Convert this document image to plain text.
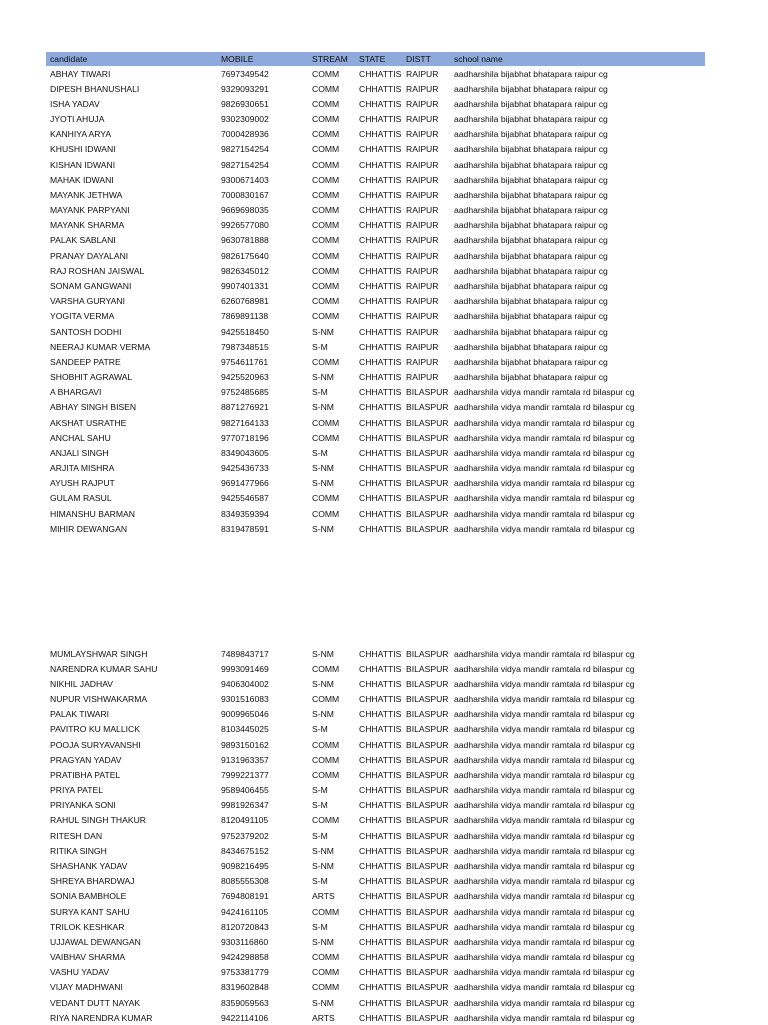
candidate	MOBILE	STREAM	STATE	DISTT	school name
ABHAY TIWARI	7697349542	COMM	CHHATTIS	RAIPUR	aadharshila bijabhat bhatapara raipur cg
DIPESH BHANUSHALI	9329093291	COMM	CHHATTIS	RAIPUR	aadharshila bijabhat bhatapara raipur cg
ISHA YADAV	9826930651	COMM	CHHATTIS	RAIPUR	aadharshila bijabhat bhatapara raipur cg
JYOTI AHUJA	9302309002	COMM	CHHATTIS	RAIPUR	aadharshila bijabhat bhatapara raipur cg
KANHIYA ARYA	7000428936	COMM	CHHATTIS	RAIPUR	aadharshila bijabhat bhatapara raipur cg
KHUSHI IDWANI	9827154254	COMM	CHHATTIS	RAIPUR	aadharshila bijabhat bhatapara raipur cg
KISHAN IDWANI	9827154254	COMM	CHHATTIS	RAIPUR	aadharshila bijabhat bhatapara raipur cg
MAHAK IDWANI	9300671403	COMM	CHHATTIS	RAIPUR	aadharshila bijabhat bhatapara raipur cg
MAYANK JETHWA	7000830167	COMM	CHHATTIS	RAIPUR	aadharshila bijabhat bhatapara raipur cg
MAYANK PARPYANI	9669698035	COMM	CHHATTIS	RAIPUR	aadharshila bijabhat bhatapara raipur cg
MAYANK SHARMA	9926577080	COMM	CHHATTIS	RAIPUR	aadharshila bijabhat bhatapara raipur cg
PALAK SABLANI	9630781888	COMM	CHHATTIS	RAIPUR	aadharshila bijabhat bhatapara raipur cg
PRANAY DAYALANI	9826175640	COMM	CHHATTIS	RAIPUR	aadharshila bijabhat bhatapara raipur cg
RAJ ROSHAN JAISWAL	9826345012	COMM	CHHATTIS	RAIPUR	aadharshila bijabhat bhatapara raipur cg
SONAM GANGWANI	9907401331	COMM	CHHATTIS	RAIPUR	aadharshila bijabhat bhatapara raipur cg
VARSHA GURYANI	6260768981	COMM	CHHATTIS	RAIPUR	aadharshila bijabhat bhatapara raipur cg
YOGITA VERMA	7869891138	COMM	CHHATTIS	RAIPUR	aadharshila bijabhat bhatapara raipur cg
SANTOSH DODHI	9425518450	S-NM	CHHATTIS	RAIPUR	aadharshila bijabhat bhatapara raipur cg
NEERAJ KUMAR VERMA	7987348515	S-M	CHHATTIS	RAIPUR	aadharshila bijabhat bhatapara raipur cg
SANDEEP PATRE	9754611761	COMM	CHHATTIS	RAIPUR	aadharshila bijabhat bhatapara raipur cg
SHOBHIT AGRAWAL	9425520963	S-NM	CHHATTIS	RAIPUR	aadharshila bijabhat bhatapara raipur cg
A BHARGAVI	9752485685	S-M	CHHATTIS	BILASPUR	aadharshila vidya mandir ramtala rd bilaspur cg
ABHAY SINGH BISEN	8871276921	S-NM	CHHATTIS	BILASPUR	aadharshila vidya mandir ramtala rd bilaspur cg
AKSHAT USRATHE	9827164133	COMM	CHHATTIS	BILASPUR	aadharshila vidya mandir ramtala rd bilaspur cg
ANCHAL SAHU	9770718196	COMM	CHHATTIS	BILASPUR	aadharshila vidya mandir ramtala rd bilaspur cg
ANJALI SINGH	8349043605	S-M	CHHATTIS	BILASPUR	aadharshila vidya mandir ramtala rd bilaspur cg
ARJITA MISHRA	9425436733	S-NM	CHHATTIS	BILASPUR	aadharshila vidya mandir ramtala rd bilaspur cg
AYUSH RAJPUT	9691477966	S-NM	CHHATTIS	BILASPUR	aadharshila vidya mandir ramtala rd bilaspur cg
GULAM RASUL	9425546587	COMM	CHHATTIS	BILASPUR	aadharshila vidya mandir ramtala rd bilaspur cg
HIMANSHU BARMAN	8349359394	COMM	CHHATTIS	BILASPUR	aadharshila vidya mandir ramtala rd bilaspur cg
MIHIR DEWANGAN	8319478591	S-NM	CHHATTIS	BILASPUR	aadharshila vidya mandir ramtala rd bilaspur cg
MUMLAYSHWAR SINGH	7489843717	S-NM	CHHATTIS	BILASPUR	aadharshila vidya mandir ramtala rd bilaspur cg
NARENDRA KUMAR SAHU	9993091469	COMM	CHHATTIS	BILASPUR	aadharshila vidya mandir ramtala rd bilaspur cg
NIKHIL JADHAV	9406304002	S-NM	CHHATTIS	BILASPUR	aadharshila vidya mandir ramtala rd bilaspur cg
NUPUR VISHWAKARMA	9301516083	COMM	CHHATTIS	BILASPUR	aadharshila vidya mandir ramtala rd bilaspur cg
PALAK TIWARI	9009965046	S-NM	CHHATTIS	BILASPUR	aadharshila vidya mandir ramtala rd bilaspur cg
PAVITRO KU MALLICK	8103445025	S-M	CHHATTIS	BILASPUR	aadharshila vidya mandir ramtala rd bilaspur cg
POOJA SURYAVANSHI	9893150162	COMM	CHHATTIS	BILASPUR	aadharshila vidya mandir ramtala rd bilaspur cg
PRAGYAN YADAV	9131963357	COMM	CHHATTIS	BILASPUR	aadharshila vidya mandir ramtala rd bilaspur cg
PRATIBHA PATEL	7999221377	COMM	CHHATTIS	BILASPUR	aadharshila vidya mandir ramtala rd bilaspur cg
PRIYA PATEL	9589406455	S-M	CHHATTIS	BILASPUR	aadharshila vidya mandir ramtala rd bilaspur cg
PRIYANKA SONI	9981926347	S-M	CHHATTIS	BILASPUR	aadharshila vidya mandir ramtala rd bilaspur cg
RAHUL SINGH THAKUR	8120491105	COMM	CHHATTIS	BILASPUR	aadharshila vidya mandir ramtala rd bilaspur cg
RITESH DAN	9752379202	S-M	CHHATTIS	BILASPUR	aadharshila vidya mandir ramtala rd bilaspur cg
RITIKA SINGH	8434675152	S-NM	CHHATTIS	BILASPUR	aadharshila vidya mandir ramtala rd bilaspur cg
SHASHANK YADAV	9098216495	S-NM	CHHATTIS	BILASPUR	aadharshila vidya mandir ramtala rd bilaspur cg
SHREYA BHARDWAJ	8085555308	S-M	CHHATTIS	BILASPUR	aadharshila vidya mandir ramtala rd bilaspur cg
SONIA BAMBHOLE	7694808191	ARTS	CHHATTIS	BILASPUR	aadharshila vidya mandir ramtala rd bilaspur cg
SURYA KANT SAHU	9424161105	COMM	CHHATTIS	BILASPUR	aadharshila vidya mandir ramtala rd bilaspur cg
TRILOK KESHKAR	8120720843	S-M	CHHATTIS	BILASPUR	aadharshila vidya mandir ramtala rd bilaspur cg
UJJAWAL DEWANGAN	9303116860	S-NM	CHHATTIS	BILASPUR	aadharshila vidya mandir ramtala rd bilaspur cg
VAIBHAV SHARMA	9424298858	COMM	CHHATTIS	BILASPUR	aadharshila vidya mandir ramtala rd bilaspur cg
VASHU YADAV	9753381779	COMM	CHHATTIS	BILASPUR	aadharshila vidya mandir ramtala rd bilaspur cg
VIJAY MADHWANI	8319602848	COMM	CHHATTIS	BILASPUR	aadharshila vidya mandir ramtala rd bilaspur cg
VEDANT DUTT NAYAK	8359059563	S-NM	CHHATTIS	BILASPUR	aadharshila vidya mandir ramtala rd bilaspur cg
RIYA NARENDRA KUMAR	9422114106	ARTS	CHHATTIS	BILASPUR	aadharshila vidya mandir ramtala rd bilaspur cg
